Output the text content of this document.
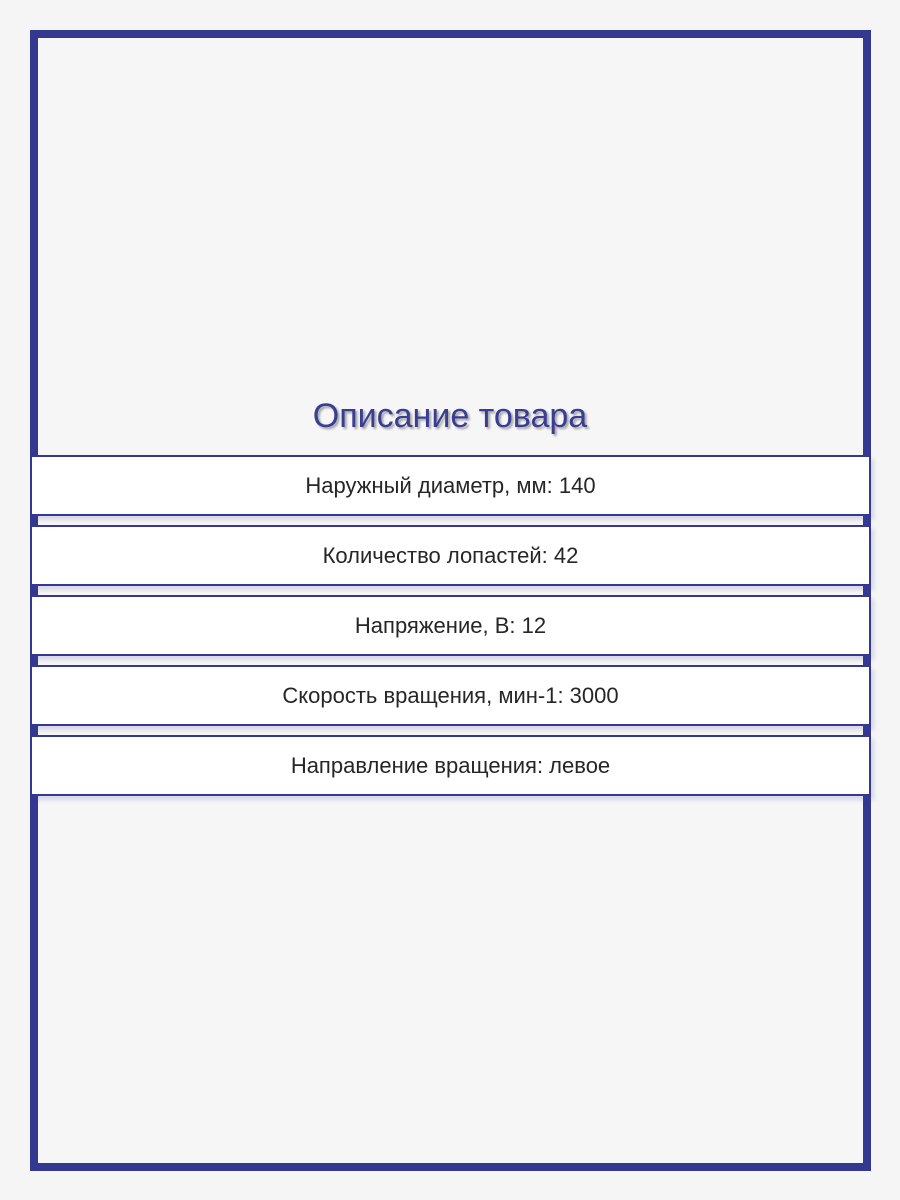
Описание товара
Наружный диаметр, мм: 140
Количество лопастей: 42
Напряжение, В: 12
Скорость вращения, мин-1: 3000
Направление вращения: левое
